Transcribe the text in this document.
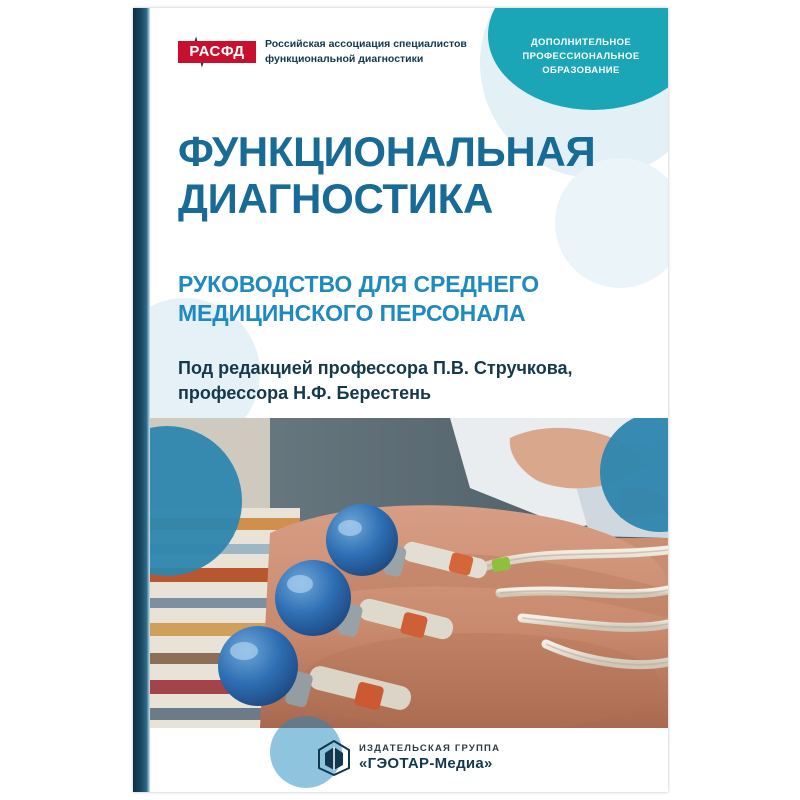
ДОПОЛНИТЕЛЬНОЕ ПРОФЕССИОНАЛЬНОЕ ОБРАЗОВАНИЕ
РАСФД	Российская ассоциация специалистов
функциональной диагностики
ФУНКЦИОНАЛЬНАЯ
ДИАГНОСТИКА
РУКОВОДСТВО ДЛЯ СРЕДНЕГО
МЕДИЦИНСКОГО ПЕРСОНАЛА
Под редакцией профессора П.В. Стручкова,
профессора Н.Ф. Берестень
ИЗДАТЕЛЬСКАЯ ГРУППА
«ГЭОТАР-Медиа»
